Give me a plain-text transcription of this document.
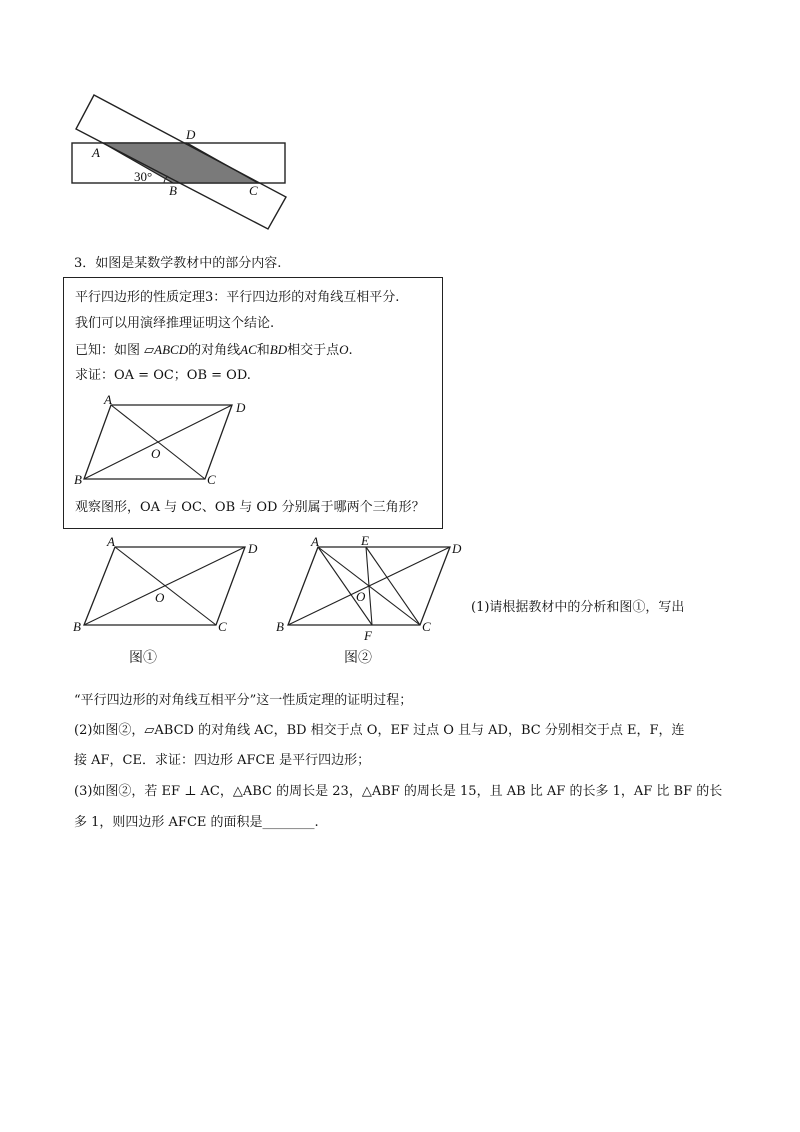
A
D
B	C
30°
3．如图是某数学教材中的部分内容.
平行四边形的性质定理3：平行四边形的对角线互相平分.
我们可以用演绎推理证明这个结论.
已知：如图 ▱ABCD的对角线AC和BD相交于点O.
求证：OA = OC；OB = OD.
A
D
B	C
O
观察图形，OA 与 OC、OB 与 OD 分别属于哪两个三角形？
A	D
B	C
O
图①
A	E
D
B	C
F
O
图②
(1)请根据教材中的分析和图①，写出
“平行四边形的对角线互相平分”这一性质定理的证明过程；
(2)如图②，▱ABCD 的对角线 AC，BD 相交于点 O，EF 过点 O 且与 AD，BC 分别相交于点 E，F，连
接 AF，CE．求证：四边形 AFCE 是平行四边形；
(3)如图②，若 EF ⊥ AC，△ABC 的周长是 23，△ABF 的周长是 15，且 AB 比 AF 的长多 1，AF 比 BF 的长
多 1，则四边形 AFCE 的面积是________.
